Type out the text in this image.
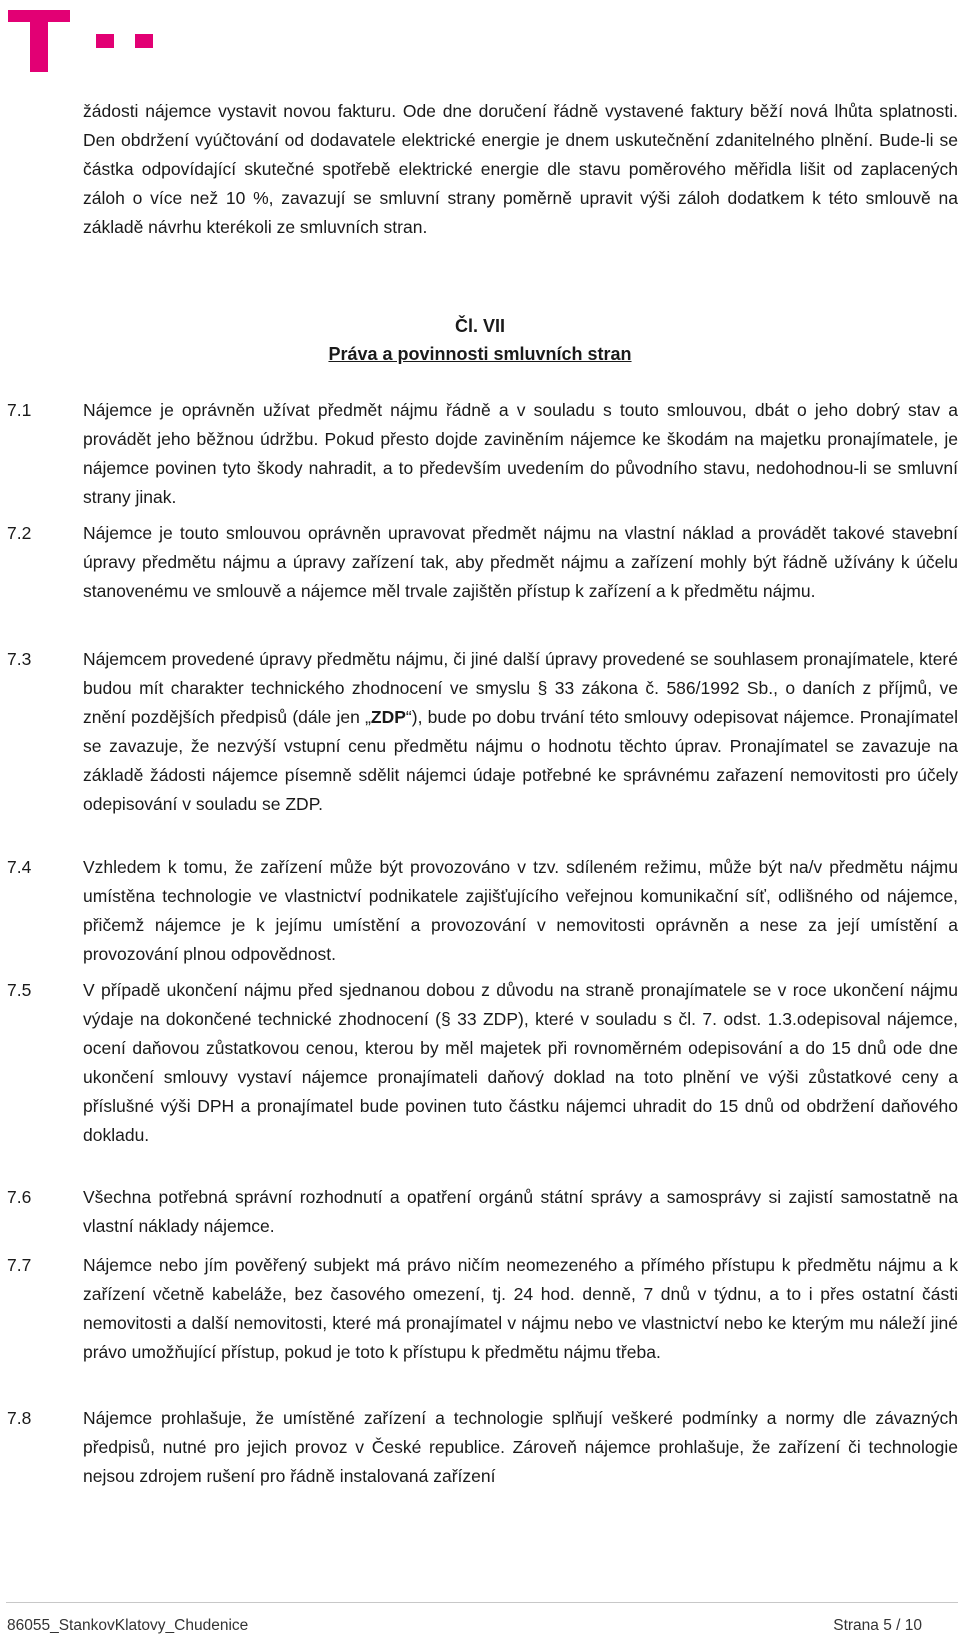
žádosti nájemce vystavit novou fakturu. Ode dne doručení řádně vystavené faktury běží nová lhůta splatnosti. Den obdržení vyúčtování od dodavatele elektrické energie je dnem uskutečnění zdanitelného plnění. Bude-li se částka odpovídající skutečné spotřebě elektrické energie dle stavu poměrového měřidla lišit od zaplacených záloh o více než 10 %, zavazují se smluvní strany poměrně upravit výši záloh dodatkem k této smlouvě na základě návrhu kterékoli ze smluvních stran.

Čl. VII

Práva a povinnosti smluvních stran

7.1	Nájemce je oprávněn užívat předmět nájmu řádně a v souladu s touto smlouvou, dbát o jeho dobrý stav a provádět jeho běžnou údržbu. Pokud přesto dojde zaviněním nájemce ke škodám na majetku pronajímatele, je nájemce povinen tyto škody nahradit, a to především uvedením do původního stavu, nedohodnou-li se smluvní strany jinak.

7.2	Nájemce je touto smlouvou oprávněn upravovat předmět nájmu na vlastní náklad a provádět takové stavební úpravy předmětu nájmu a úpravy zařízení tak, aby předmět nájmu a zařízení mohly být řádně užívány k účelu stanovenému ve smlouvě a nájemce měl trvale zajištěn přístup k zařízení a k předmětu nájmu.

7.3	Nájemcem provedené úpravy předmětu nájmu, či jiné další úpravy provedené se souhlasem pronajímatele, které budou mít charakter technického zhodnocení ve smyslu § 33 zákona č. 586/1992 Sb., o daních z příjmů, ve znění pozdějších předpisů (dále jen „ZDP“), bude po dobu trvání této smlouvy odepisovat nájemce. Pronajímatel se zavazuje, že nezvýší vstupní cenu předmětu nájmu o hodnotu těchto úprav. Pronajímatel se zavazuje na základě žádosti nájemce písemně sdělit nájemci údaje potřebné ke správnému zařazení nemovitosti pro účely odepisování v souladu se ZDP.

7.4	Vzhledem k tomu, že zařízení může být provozováno v tzv. sdíleném režimu, může být na/v předmětu nájmu umístěna technologie ve vlastnictví podnikatele zajišťujícího veřejnou komunikační síť, odlišného od nájemce, přičemž nájemce je k jejímu umístění a provozování v nemovitosti oprávněn a nese za její umístění a provozování plnou odpovědnost.

7.5	V případě ukončení nájmu před sjednanou dobou z důvodu na straně pronajímatele se v roce ukončení nájmu výdaje na dokončené technické zhodnocení (§ 33 ZDP), které v souladu s čl. 7. odst. 1.3.odepisoval nájemce, ocení daňovou zůstatkovou cenou, kterou by měl majetek při rovnoměrném odepisování a do 15 dnů ode dne ukončení smlouvy vystaví nájemce pronajímateli daňový doklad na toto plnění ve výši zůstatkové ceny a příslušné výši DPH a pronajímatel bude povinen tuto částku nájemci uhradit do 15 dnů od obdržení daňového dokladu.

7.6	Všechna potřebná správní rozhodnutí a opatření orgánů státní správy a samosprávy si zajistí samostatně na vlastní náklady nájemce.

7.7	Nájemce nebo jím pověřený subjekt má právo ničím neomezeného a přímého přístupu k předmětu nájmu a k zařízení včetně kabeláže, bez časového omezení, tj. 24 hod. denně, 7 dnů v týdnu, a to i přes ostatní části nemovitosti a další nemovitosti, které má pronajímatel v nájmu nebo ve vlastnictví nebo ke kterým mu náleží jiné právo umožňující přístup, pokud je toto k přístupu k předmětu nájmu třeba.

7.8	Nájemce prohlašuje, že umístěné zařízení a technologie splňují veškeré podmínky a normy dle závazných předpisů, nutné pro jejich provoz v České republice. Zároveň nájemce prohlašuje, že zařízení či technologie nejsou zdrojem rušení pro řádně instalovaná zařízení

86055_StankovKlatovy_Chudenice	Strana 5 / 10
